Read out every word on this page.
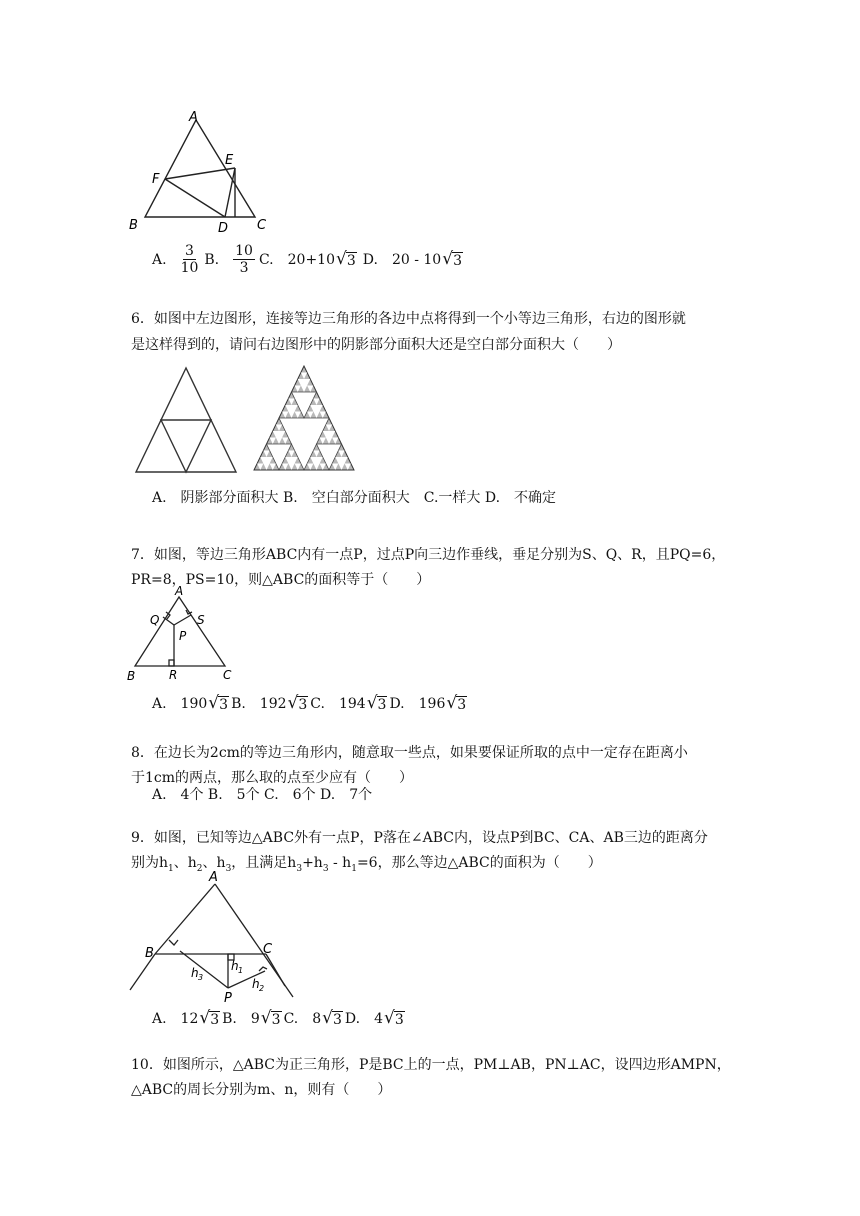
A
B	C
D
E
F
A. $\frac{3}{10} B$. $\frac{10}{3} C$. 20+10 √ 3 D. 20 - 10 √ 3
6．如图中左边图形，连接等边三角形的各边中点将得到一个小等边三角形，右边的图形就
是这样得到的，请问右边图形中的阴影部分面积大还是空白部分面积大（　　）
A.　阴影部分面积大 B.　空白部分面积大　C.一样大 D.　不确定
7．如图，等边三角形ABC内有一点P，过点P向三边作垂线，垂足分别为S、Q、R，且PQ=6，
PR=8，PS=10，则△ABC的面积等于（　　）
A
B	C
P
Q
R
S
A.　190 √ 3 B.　192 √ 3 C.　194 √ 3 D.　196 √ 3
8．在边长为2cm的等边三角形内，随意取一些点，如果要保证所取的点中一定存在距离小
于1cm的两点，那么取的点至少应有（　　）
A.　4个 B.　5个 C.　6个 D.　7个
9．如图，已知等边△ABC外有一点P，P落在∠ABC内，设点P到BC、CA、AB三边的距离分
别为$h_1$、$h_2$、$h_3$，且满足$h_3+h_3 - h_1=6$，那么等边△ABC的面积为（　　）
A
B	C
P
h 1
h 2
h 3
A.　12 √ 3 B.　9 √ 3 C.　8 √ 3 D.　4 √ 3
10．如图所示，△ABC为正三角形，P是BC上的一点，PM⊥AB，PN⊥AC，设四边形AMPN，
△ABC的周长分别为m、n，则有（　　）
